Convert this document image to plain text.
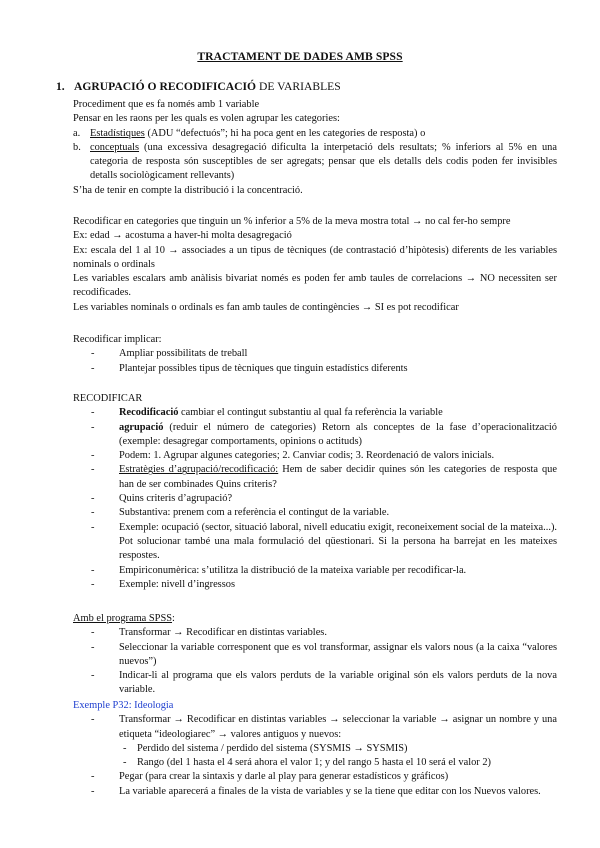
TRACTAMENT DE DADES AMB SPSS
1. AGRUPACIÓ O RECODIFICACIÓ DE VARIABLES

Procediment que es fa només amb 1 variable

Pensar en les raons per les quals es volen agrupar les categories:

a. Estadístiques (ADU “defectuós”; hi ha poca gent en les categories de resposta) o
b. conceptuals (una excessiva desagregació dificulta la interpetació dels resultats; % inferiors al 5% en una categoria de resposta són susceptibles de ser agregats; pensar que els detalls dels codis poden fer invisibles detalls sociològicament rellevants)

S’ha de tenir en compte la distribució i la concentració.

Recodificar en categories que tinguin un % inferior a 5% de la meva mostra total → no cal fer-ho sempre

Ex: edad → acostuma a haver-hi molta desagregació

Ex: escala del 1 al 10 → associades a un tipus de tècniques (de contrastació d’hipòtesis) diferents de les variables nominals o ordinals

Les variables escalars amb anàlisis bivariat només es poden fer amb taules de correlacions → NO necessiten ser recodificades.

Les variables nominals o ordinals es fan amb taules de contingències → SI es pot recodificar

Recodificar implicar:

- Ampliar possibilitats de treball
- Plantejar possibles tipus de tècniques que tinguin estadístics diferents

RECODIFICAR

- Recodificació cambiar el contingut substantiu al qual fa referència la variable
- agrupació (reduir el número de categories) Retorn als conceptes de la fase d’operacionalització (exemple: desagregar comportaments, opinions o actituds)
- Podem: 1. Agrupar algunes categories; 2. Canviar codis; 3. Reordenació de valors inicials.
- Estratègies d’agrupació/recodificació: Hem de saber decidir quines són les categories de resposta que han de ser combinades Quins criteris?
- Quins criteris d’agrupació?
- Substantiva: prenem com a referència el contingut de la variable.
- Exemple: ocupació (sector, situació laboral, nivell educatiu exigit, reconeixement social de la mateixa...). Pot solucionar també una mala formulació del qüestionari. Si la persona ha barrejat en les mateixes respostes.
- Empiriconumèrica: s’utilitza la distribució de la mateixa variable per recodificar-la.
- Exemple: nivell d’ingressos

Amb el programa SPSS:

- Transformar → Recodificar en distintas variables.
- Seleccionar la variable corresponent que es vol transformar, assignar els valors nous (a la caixa “valores nuevos”)
- Indicar-li al programa que els valors perduts de la variable original són els valors perduts de la nova variable.

Exemple P32: Ideologia

- Transformar → Recodificar en distintas variables → seleccionar la variable → asignar un nombre y una etiqueta “ideologiarec” → valores antiguos y nuevos:
- Perdido del sistema / perdido del sistema (SYSMIS → SYSMIS)
- Rango (del 1 hasta el 4 será ahora el valor 1; y del rango 5 hasta el 10 será el valor 2)
- Pegar (para crear la sintaxis y darle al play para generar estadísticos y gráficos)
- La variable aparecerá a finales de la vista de variables y se la tiene que editar con los Nuevos valores.
